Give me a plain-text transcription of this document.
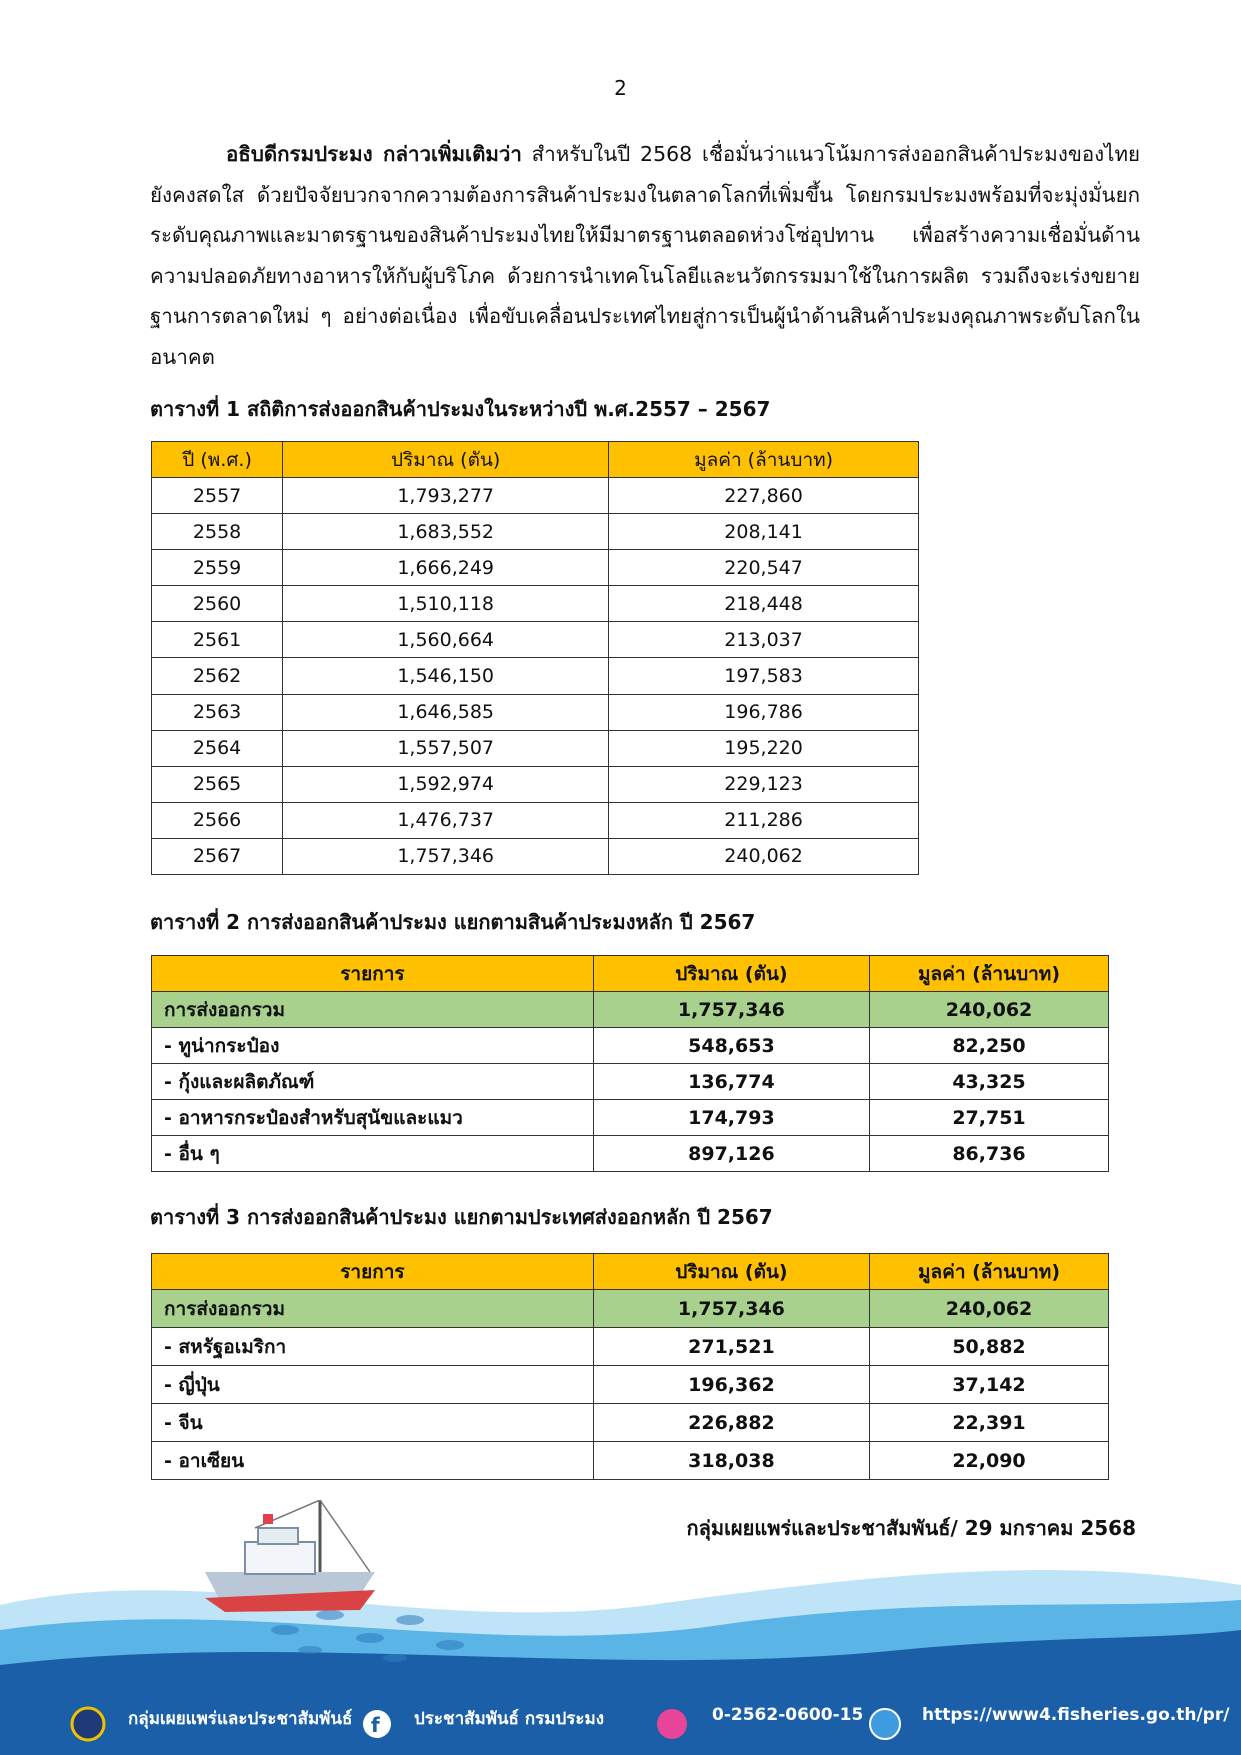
2
อธิบดีกรมประมง กล่าวเพิ่มเติมว่า สำหรับในปี 2568 เชื่อมั่นว่าแนวโน้มการส่งออกสินค้าประมงของไทยยังคงสดใส ด้วยปัจจัยบวกจากความต้องการสินค้าประมงในตลาดโลกที่เพิ่มขึ้น โดยกรมประมงพร้อมที่จะมุ่งมั่นยกระดับคุณภาพและมาตรฐานของสินค้าประมงไทยให้มีมาตรฐานตลอดห่วงโซ่อุปทาน เพื่อสร้างความเชื่อมั่นด้านความปลอดภัยทางอาหารให้กับผู้บริโภค ด้วยการนำเทคโนโลยีและนวัตกรรมมาใช้ในการผลิต รวมถึงจะเร่งขยายฐานการตลาดใหม่ ๆ อย่างต่อเนื่อง เพื่อขับเคลื่อนประเทศไทยสู่การเป็นผู้นำด้านสินค้าประมงคุณภาพระดับโลกในอนาคต
ตารางที่ 1 สถิติการส่งออกสินค้าประมงในระหว่างปี พ.ศ.2557 – 2567
ปี (พ.ศ.)	ปริมาณ (ตัน)	มูลค่า (ล้านบาท)
2557	1,793,277	227,860
2558	1,683,552	208,141
2559	1,666,249	220,547
2560	1,510,118	218,448
2561	1,560,664	213,037
2562	1,546,150	197,583
2563	1,646,585	196,786
2564	1,557,507	195,220
2565	1,592,974	229,123
2566	1,476,737	211,286
2567	1,757,346	240,062
ตารางที่ 2 การส่งออกสินค้าประมง แยกตามสินค้าประมงหลัก ปี 2567
รายการ	ปริมาณ (ตัน)	มูลค่า (ล้านบาท)
การส่งออกรวม	1,757,346	240,062
- ทูน่ากระป๋อง	548,653	82,250
- กุ้งและผลิตภัณฑ์	136,774	43,325
- อาหารกระป๋องสำหรับสุนัขและแมว	174,793	27,751
- อื่น ๆ	897,126	86,736
ตารางที่ 3 การส่งออกสินค้าประมง แยกตามประเทศส่งออกหลัก ปี 2567
รายการ	ปริมาณ (ตัน)	มูลค่า (ล้านบาท)
การส่งออกรวม	1,757,346	240,062
- สหรัฐอเมริกา	271,521	50,882
- ญี่ปุ่น	196,362	37,142
- จีน	226,882	22,391
- อาเซียน	318,038	22,090
กลุ่มเผยแพร่และประชาสัมพันธ์/ 29 มกราคม 2568
f
กลุ่มเผยแพร่และประชาสัมพันธ์	ประชาสัมพันธ์ กรมประมง	0-2562-0600-15	https://www4.fisheries.go.th/pr/
